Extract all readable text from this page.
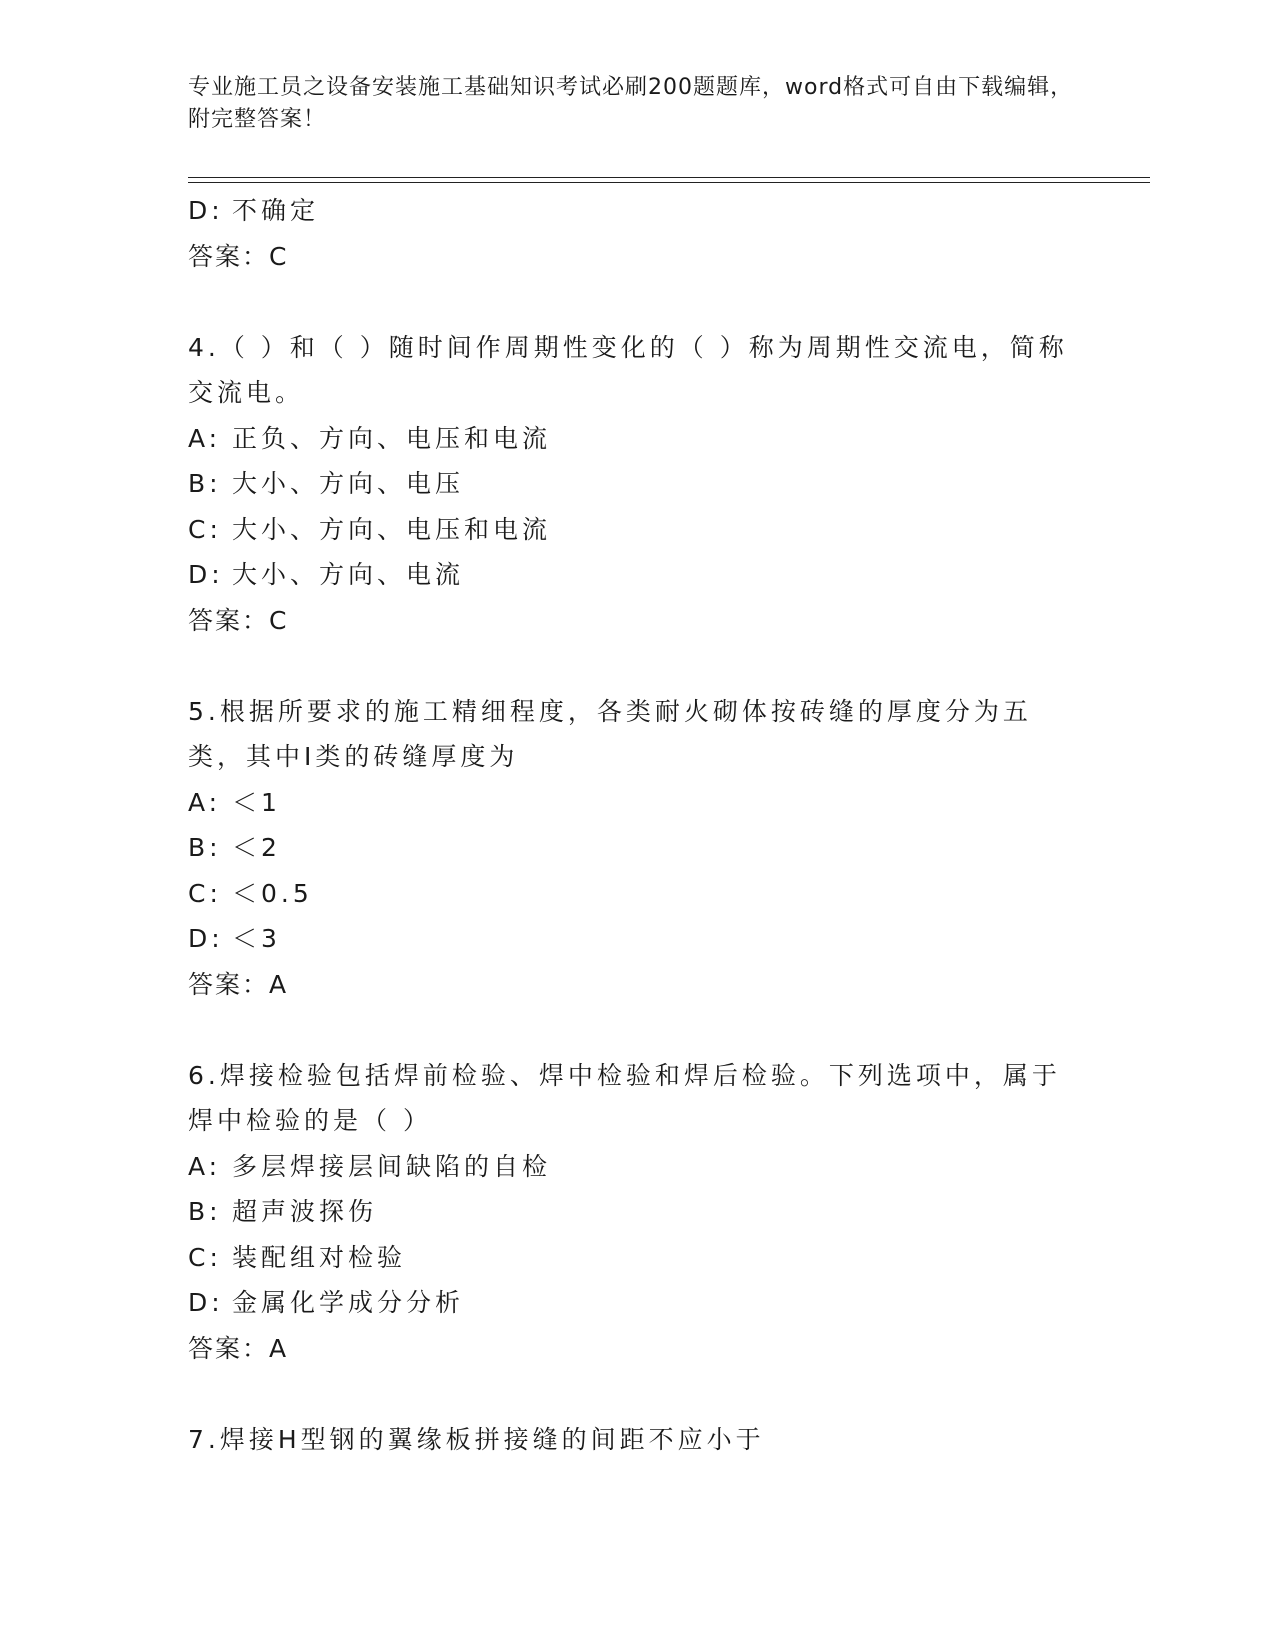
专业施工员之设备安装施工基础知识考试必刷200题题库，word格式可自由下载编辑，附完整答案！
D: 不确定
答案：C
4.（ ）和（ ）随时间作周期性变化的（ ）称为周期性交流电，简称交流电。
A: 正负、方向、电压和电流
B: 大小、方向、电压
C: 大小、方向、电压和电流
D: 大小、方向、电流
答案：C
5.根据所要求的施工精细程度，各类耐火砌体按砖缝的厚度分为五类，其中Ⅰ类的砖缝厚度为
A: ＜1
B: ＜2
C: ＜0.5
D: ＜3
答案：A
6.焊接检验包括焊前检验、焊中检验和焊后检验。下列选项中，属于焊中检验的是（ ）
A: 多层焊接层间缺陷的自检
B: 超声波探伤
C: 装配组对检验
D: 金属化学成分分析
答案：A
7.焊接H型钢的翼缘板拼接缝的间距不应小于
